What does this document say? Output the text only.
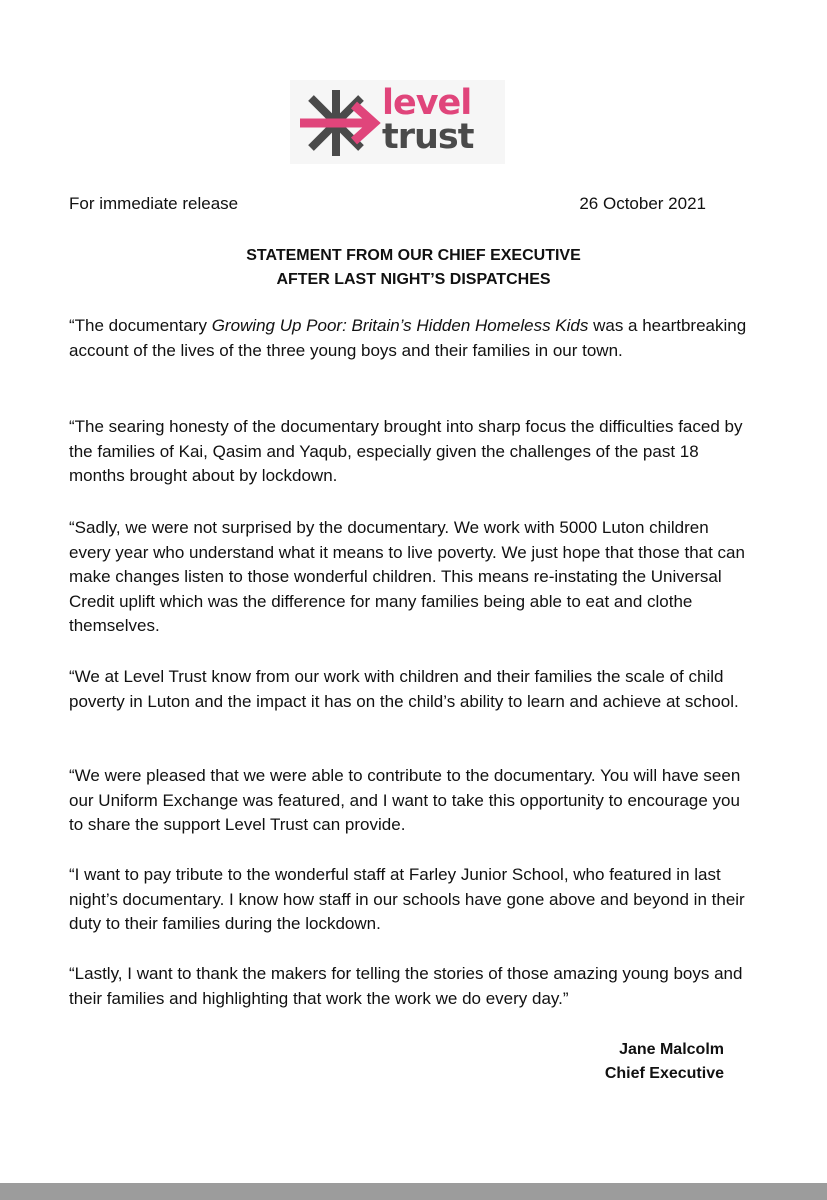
level
trust
For immediate release	26 October 2021
STATEMENT FROM OUR CHIEF EXECUTIVE
AFTER LAST NIGHT’S DISPATCHES

“The documentary Growing Up Poor: Britain’s Hidden Homeless Kids was a heartbreaking account of the lives of the three young boys and their families in our town.

“The searing honesty of the documentary brought into sharp focus the difficulties faced by the families of Kai, Qasim and Yaqub, especially given the challenges of the past 18 months brought about by lockdown.

“Sadly, we were not surprised by the documentary. We work with 5000 Luton children every year who understand what it means to live poverty. We just hope that those that can make changes listen to those wonderful children. This means re-instating the Universal Credit uplift which was the difference for many families being able to eat and clothe themselves.

“We at Level Trust know from our work with children and their families the scale of child poverty in Luton and the impact it has on the child’s ability to learn and achieve at school.

“We were pleased that we were able to contribute to the documentary. You will have seen our Uniform Exchange was featured, and I want to take this opportunity to encourage you to share the support Level Trust can provide.

“I want to pay tribute to the wonderful staff at Farley Junior School, who featured in last night’s documentary. I know how staff in our schools have gone above and beyond in their duty to their families during the lockdown.

“Lastly, I want to thank the makers for telling the stories of those amazing young boys and their families and highlighting that work the work we do every day.”

Jane Malcolm
Chief Executive
